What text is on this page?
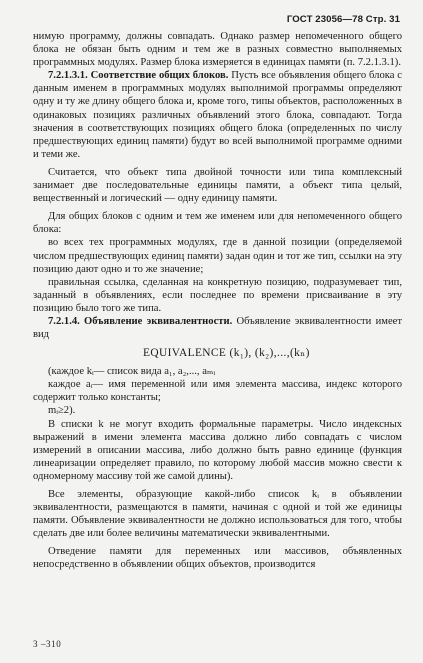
ГОСТ 23056—78 Стр. 31

нимую программу, должны совпадать. Однако размер непомеченного общего блока не обязан быть одним и тем же в разных совместно выполняемых программных модулях. Размер блока измеряется в единицах памяти (п. 7.2.1.3.1).

7.2.1.3.1. Соответствие общих блоков. Пусть все объявления общего блока с данным именем в программных модулях выполнимой программы определяют одну и ту же длину общего блока и, кроме того, типы объектов, расположенных в одинаковых позициях различных объявлений этого блока, совпадают. Тогда значения в соответствующих позициях общего блока (определенных по числу предшествующих единиц памяти) будут во всей выполнимой программе одними и теми же.

Считается, что объект типа двойной точности или типа комплексный занимает две последовательные единицы памяти, а объект типа целый, вещественный и логический — одну единицу памяти.

Для общих блоков с одним и тем же именем или для непомеченного общего блока:

во всех тех программных модулях, где в данной позиции (определяемой числом предшествующих единиц памяти) задан один и тот же тип, ссылки на эту позицию дают одно и то же значение;

правильная ссылка, сделанная на конкретную позицию, подразумевает тип, заданный в объявлениях, если последнее по времени присваивание в эту позицию было того же типа.

7.2.1.4. Объявление эквивалентности. Объявление эквивалентности имеет вид

EQUIVALENCE (k₁), (k₂),...,(kₙ)

(каждое kᵢ— список вида a₁, a₂,..., aₘᵢ

каждое aᵢ— имя переменной или имя элемента массива, индекс которого содержит только константы;

mᵢ≥2).

В списки k не могут входить формальные параметры. Число индексных выражений в имени элемента массива должно либо совпадать с числом измерений в описании массива, либо должно быть равно единице (функция линеаризации определяет правило, по которому любой массив можно свести к одномерному массиву той же самой длины).

Все элементы, образующие какой-либо список kᵢ в объявлении эквивалентности, размещаются в памяти, начиная с одной и той же единицы памяти. Объявление эквивалентности не должно использоваться для того, чтобы сделать две или более величины математически эквивалентными.

Отведение памяти для переменных или массивов, объявленных непосредственно в объявлении общих объектов, производится

3 –310
